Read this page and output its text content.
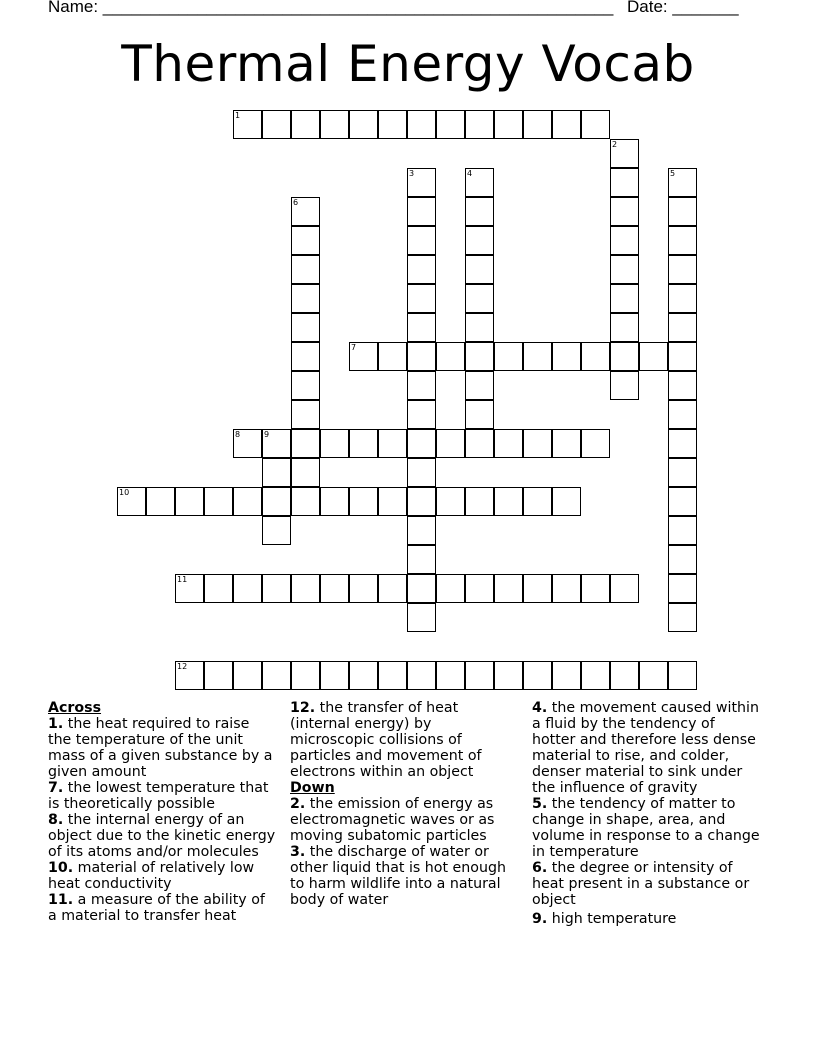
Name: ______________________________________________________ Date: _______
Thermal Energy Vocab
1
2
3	4	5
6
7
8	9
10
11
12
Across

1. the heat required to raise the temperature of the unit mass of a given substance by a given amount

7. the lowest temperature that is theoretically possible

8. the internal energy of an object due to the kinetic energy of its atoms and/or molecules

10. material of relatively low heat conductivity

11. a measure of the ability of a material to transfer heat

12. the transfer of heat (internal energy) by microscopic collisions of particles and movement of electrons within an object

Down

2. the emission of energy as electromagnetic waves or as moving subatomic particles

3. the discharge of water or other liquid that is hot enough to harm wildlife into a natural body of water

4. the movement caused within a fluid by the tendency of hotter and therefore less dense material to rise, and colder, denser material to sink under the influence of gravity

5. the tendency of matter to change in shape, area, and volume in response to a change in temperature

6. the degree or intensity of heat present in a substance or object

9. high temperature
